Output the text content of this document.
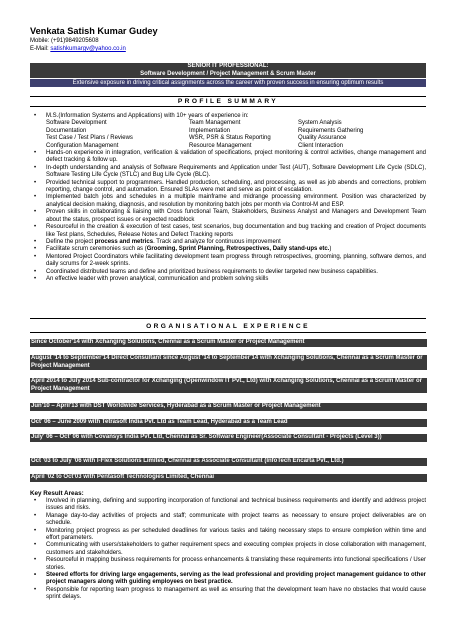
Venkata Satish Kumar Gudey
Mobile: (+91)9849205608
E-Mail: satishkumargv@yahoo.co.in
SENIOR IT PROFESSIONAL:
Software Development / Project Management & Scrum Master
Extensive exposure in driving critical assignments across the career with proven success in ensuring optimum results
PROFILE SUMMARY
• M.S.(Information Systems and Applications) with 10+ years of experience in:
Software Development	Team Management	System Analysis
Documentation	Implementation	Requirements Gathering
Test Case / Test Plans / Reviews	WSR, PSR & Status Reporting	Quality Assurance
Configuration Management	Resource Management	Client Interaction
• Hands-on experience in integration, verification & validation of specifications, project monitoring & control activities, change management and defect tracking & follow up.
• In-depth understanding and analysis of Software Requirements and Application under Test (AUT), Software Development Life Cycle (SDLC), Software Testing Life Cycle (STLC) and Bug Life Cycle (BLC).
• Provided technical support to programmers. Handled production, scheduling, and processing, as well as job abends and corrections, problem reporting, change control, and automation. Ensured SLAs were met and serve as point of escalation.
• Implemented batch jobs and schedules in a multiple mainframe and midrange processing environment. Position was characterized by analytical decision making, diagnosis, and resolution by monitoring batch jobs per month via Control-M and ESP.
• Proven skills in collaborating & liaising with Cross functional Team, Stakeholders, Business Analyst and Managers and Development Team about the status, prospect issues or expected roadblock
• Resourceful in the creation & execution of test cases, test scenarios, bug documentation and bug tracking and creation of Project documents like Test plans, Schedules, Release Notes and Defect Tracking reports
• Define the project process and metrics. Track and analyze for continuous improvement
• Facilitate scrum ceremonies such as (Grooming, Sprint Planning, Retrospectives, Daily stand-ups etc.)
• Mentored Project Coordinators while facilitating development team progress through retrospectives, grooming, planning, software demos, and daily scrums for 2-week sprints.
• Coordinated distributed teams and define and prioritized business requirements to devlier targeted new business capabilities.
• An effective leader with proven analytical, communication and problem solving skills
ORGANISATIONAL EXPERIENCE
Since October'14 with Xchanging Solutions, Chennai as a Scrum Master or Project Management
August '14 to September'14 Direct Consultant since August '14 to September'14 with Xchanging Solutions, Chennai as a Scrum Master or Project Management
April 2014 to July 2014 Sub-contractor for Xchanging (Openwindow IT Pvt., Ltd) with Xchanging Solutions, Chennai as a Scrum Master or Project Management
Jun'10 – April'13 with DST Worldwide Services, Hyderabad as a Scrum Master or Project Management
Oct' 06 – June 2009 with Tetrasoft India Pvt. Ltd as Team Lead, Hyderabad as a Team Lead
July' 06 – Oct' 06 with Covansys India Pvt. Ltd, Chennai as Sr. Software Engineer(Associate Consultant - Projects (Level 3))
Oct '03 to July '06 with I-Flex Solutions Limited, Chennai as Associate Consultant (InfoTech Encarta Pvt., Ltd.)
April '02 to Oct'03 with Pentasoft Technologies Limited, Chennai
Key Result Areas:
• Involved in planning, defining and supporting incorporation of functional and technical business requirements and identify and address project issues and risks.
• Manage day-to-day activities of projects and staff; communicate with project teams as necessary to ensure project deliverables are on schedule.
• Monitoring project progress as per scheduled deadlines for various tasks and taking necessary steps to ensure completion within time and effort parameters.
• Communicating with users/stakeholders to gather requirement specs and executing complex projects in close collaboration with management, customers and stakeholders.
• Resourceful in mapping business requirements for process enhancements & translating these requirements into functional specifications / User stories.
• Steered efforts for driving large engagements, serving as the lead professional and providing project management guidance to other project managers along with guiding employees on best practice.
• Responsible for reporting team progress to management as well as ensuring that the development team have no obstacles that would cause sprint delays.
